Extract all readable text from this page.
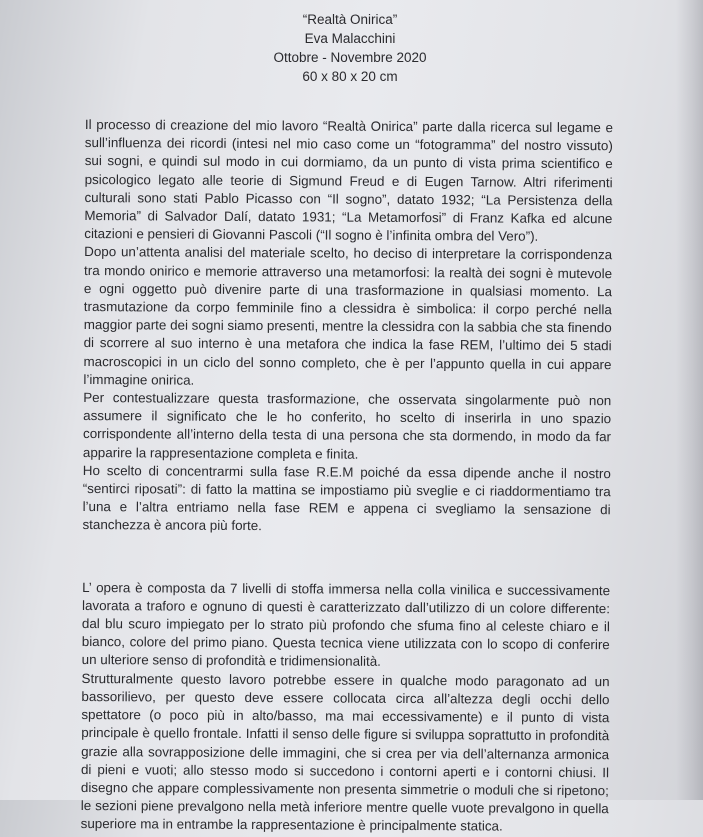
“Realtà Onirica”
Eva Malacchini
Ottobre - Novembre 2020
60 x 80 x 20 cm

Il processo di creazione del mio lavoro “Realtà Onirica” parte dalla ricerca sul legame e sull’influenza dei ricordi (intesi nel mio caso come un “fotogramma” del nostro vissuto) sui sogni, e quindi sul modo in cui dormiamo, da un punto di vista prima scientifico e psicologico legato alle teorie di Sigmund Freud e di Eugen Tarnow. Altri riferimenti culturali sono stati Pablo Picasso con “Il sogno”, datato 1932; “La Persistenza della Memoria” di Salvador Dalí, datato 1931; “La Metamorfosi” di Franz Kafka ed alcune citazioni e pensieri di Giovanni Pascoli (“Il sogno è l’infinita ombra del Vero”).

Dopo un’attenta analisi del materiale scelto, ho deciso di interpretare la corrispondenza tra mondo onirico e memorie attraverso una metamorfosi: la realtà dei sogni è mutevole e ogni oggetto può divenire parte di una trasformazione in qualsiasi momento. La trasmutazione da corpo femminile fino a clessidra è simbolica: il corpo perché nella maggior parte dei sogni siamo presenti, mentre la clessidra con la sabbia che sta finendo di scorrere al suo interno è una metafora che indica la fase REM, l’ultimo dei 5 stadi macroscopici in un ciclo del sonno completo, che è per l’appunto quella in cui appare l’immagine onirica.

Per contestualizzare questa trasformazione, che osservata singolarmente può non assumere il significato che le ho conferito, ho scelto di inserirla in uno spazio corrispondente all’interno della testa di una persona che sta dormendo, in modo da far apparire la rappresentazione completa e finita.

Ho scelto di concentrarmi sulla fase R.E.M poiché da essa dipende anche il nostro “sentirci riposati”: di fatto la mattina se impostiamo più sveglie e ci riaddormentiamo tra l’una e l’altra entriamo nella fase REM e appena ci svegliamo la sensazione di stanchezza è ancora più forte.

L’ opera è composta da 7 livelli di stoffa immersa nella colla vinilica e successivamente lavorata a traforo e ognuno di questi è caratterizzato dall’utilizzo di un colore differente: dal blu scuro impiegato per lo strato più profondo che sfuma fino al celeste chiaro e il bianco, colore del primo piano. Questa tecnica viene utilizzata con lo scopo di conferire un ulteriore senso di profondità e tridimensionalità.

Strutturalmente questo lavoro potrebbe essere in qualche modo paragonato ad un bassorilievo, per questo deve essere collocata circa all’altezza degli occhi dello spettatore (o poco più in alto/basso, ma mai eccessivamente) e il punto di vista principale è quello frontale. Infatti il senso delle figure si sviluppa soprattutto in profondità grazie alla sovrapposizione delle immagini, che si crea per via dell’alternanza armonica di pieni e vuoti; allo stesso modo si succedono i contorni aperti e i contorni chiusi. Il disegno che appare complessivamente non presenta simmetrie o moduli che si ripetono; le sezioni piene prevalgono nella metà inferiore mentre quelle vuote prevalgono in quella superiore ma in entrambe la rappresentazione è principalmente statica.
